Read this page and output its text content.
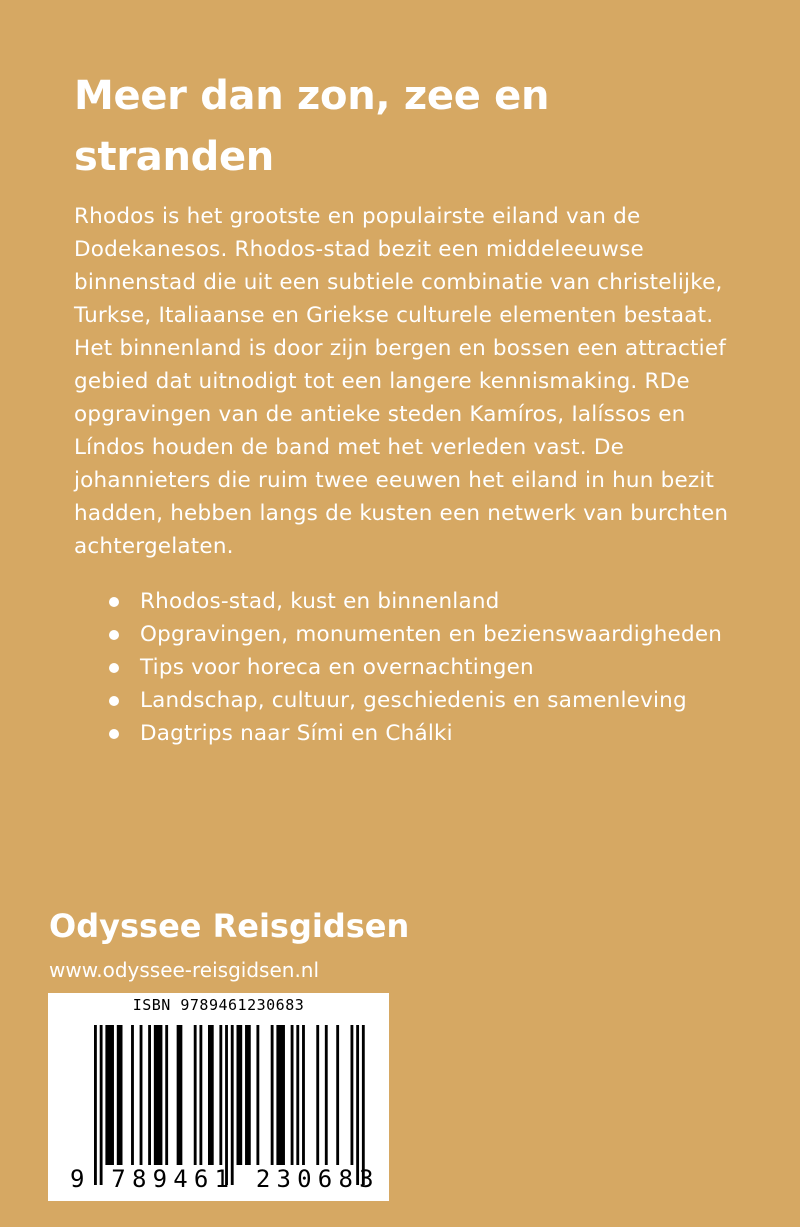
Meer dan zon, zee en stranden

Rhodos is het grootste en populairste eiland van de Dodekanesos. Rhodos-stad bezit een middeleeuwse binnenstad die uit een subtiele combinatie van christelijke, Turkse, Italiaanse en Griekse culturele elementen bestaat. Het binnenland is door zijn bergen en bossen een attractief gebied dat uitnodigt tot een langere kennismaking. RDe opgravingen van de antieke steden Kamíros, Ialíssos en Líndos houden de band met het verleden vast. De johannieters die ruim twee eeuwen het eiland in hun bezit hadden, hebben langs de kusten een netwerk van burchten achtergelaten.

Rhodos-stad, kust en binnenland
Opgravingen, monumenten en bezienswaardigheden
Tips voor horeca en overnachtingen
Landschap, cultuur, geschiedenis en samenleving
Dagtrips naar Sími en Chálki
Odyssee Reisgidsen
www.odyssee-reisgidsen.nl
ISBN 9789461230683
9 789461 230683
